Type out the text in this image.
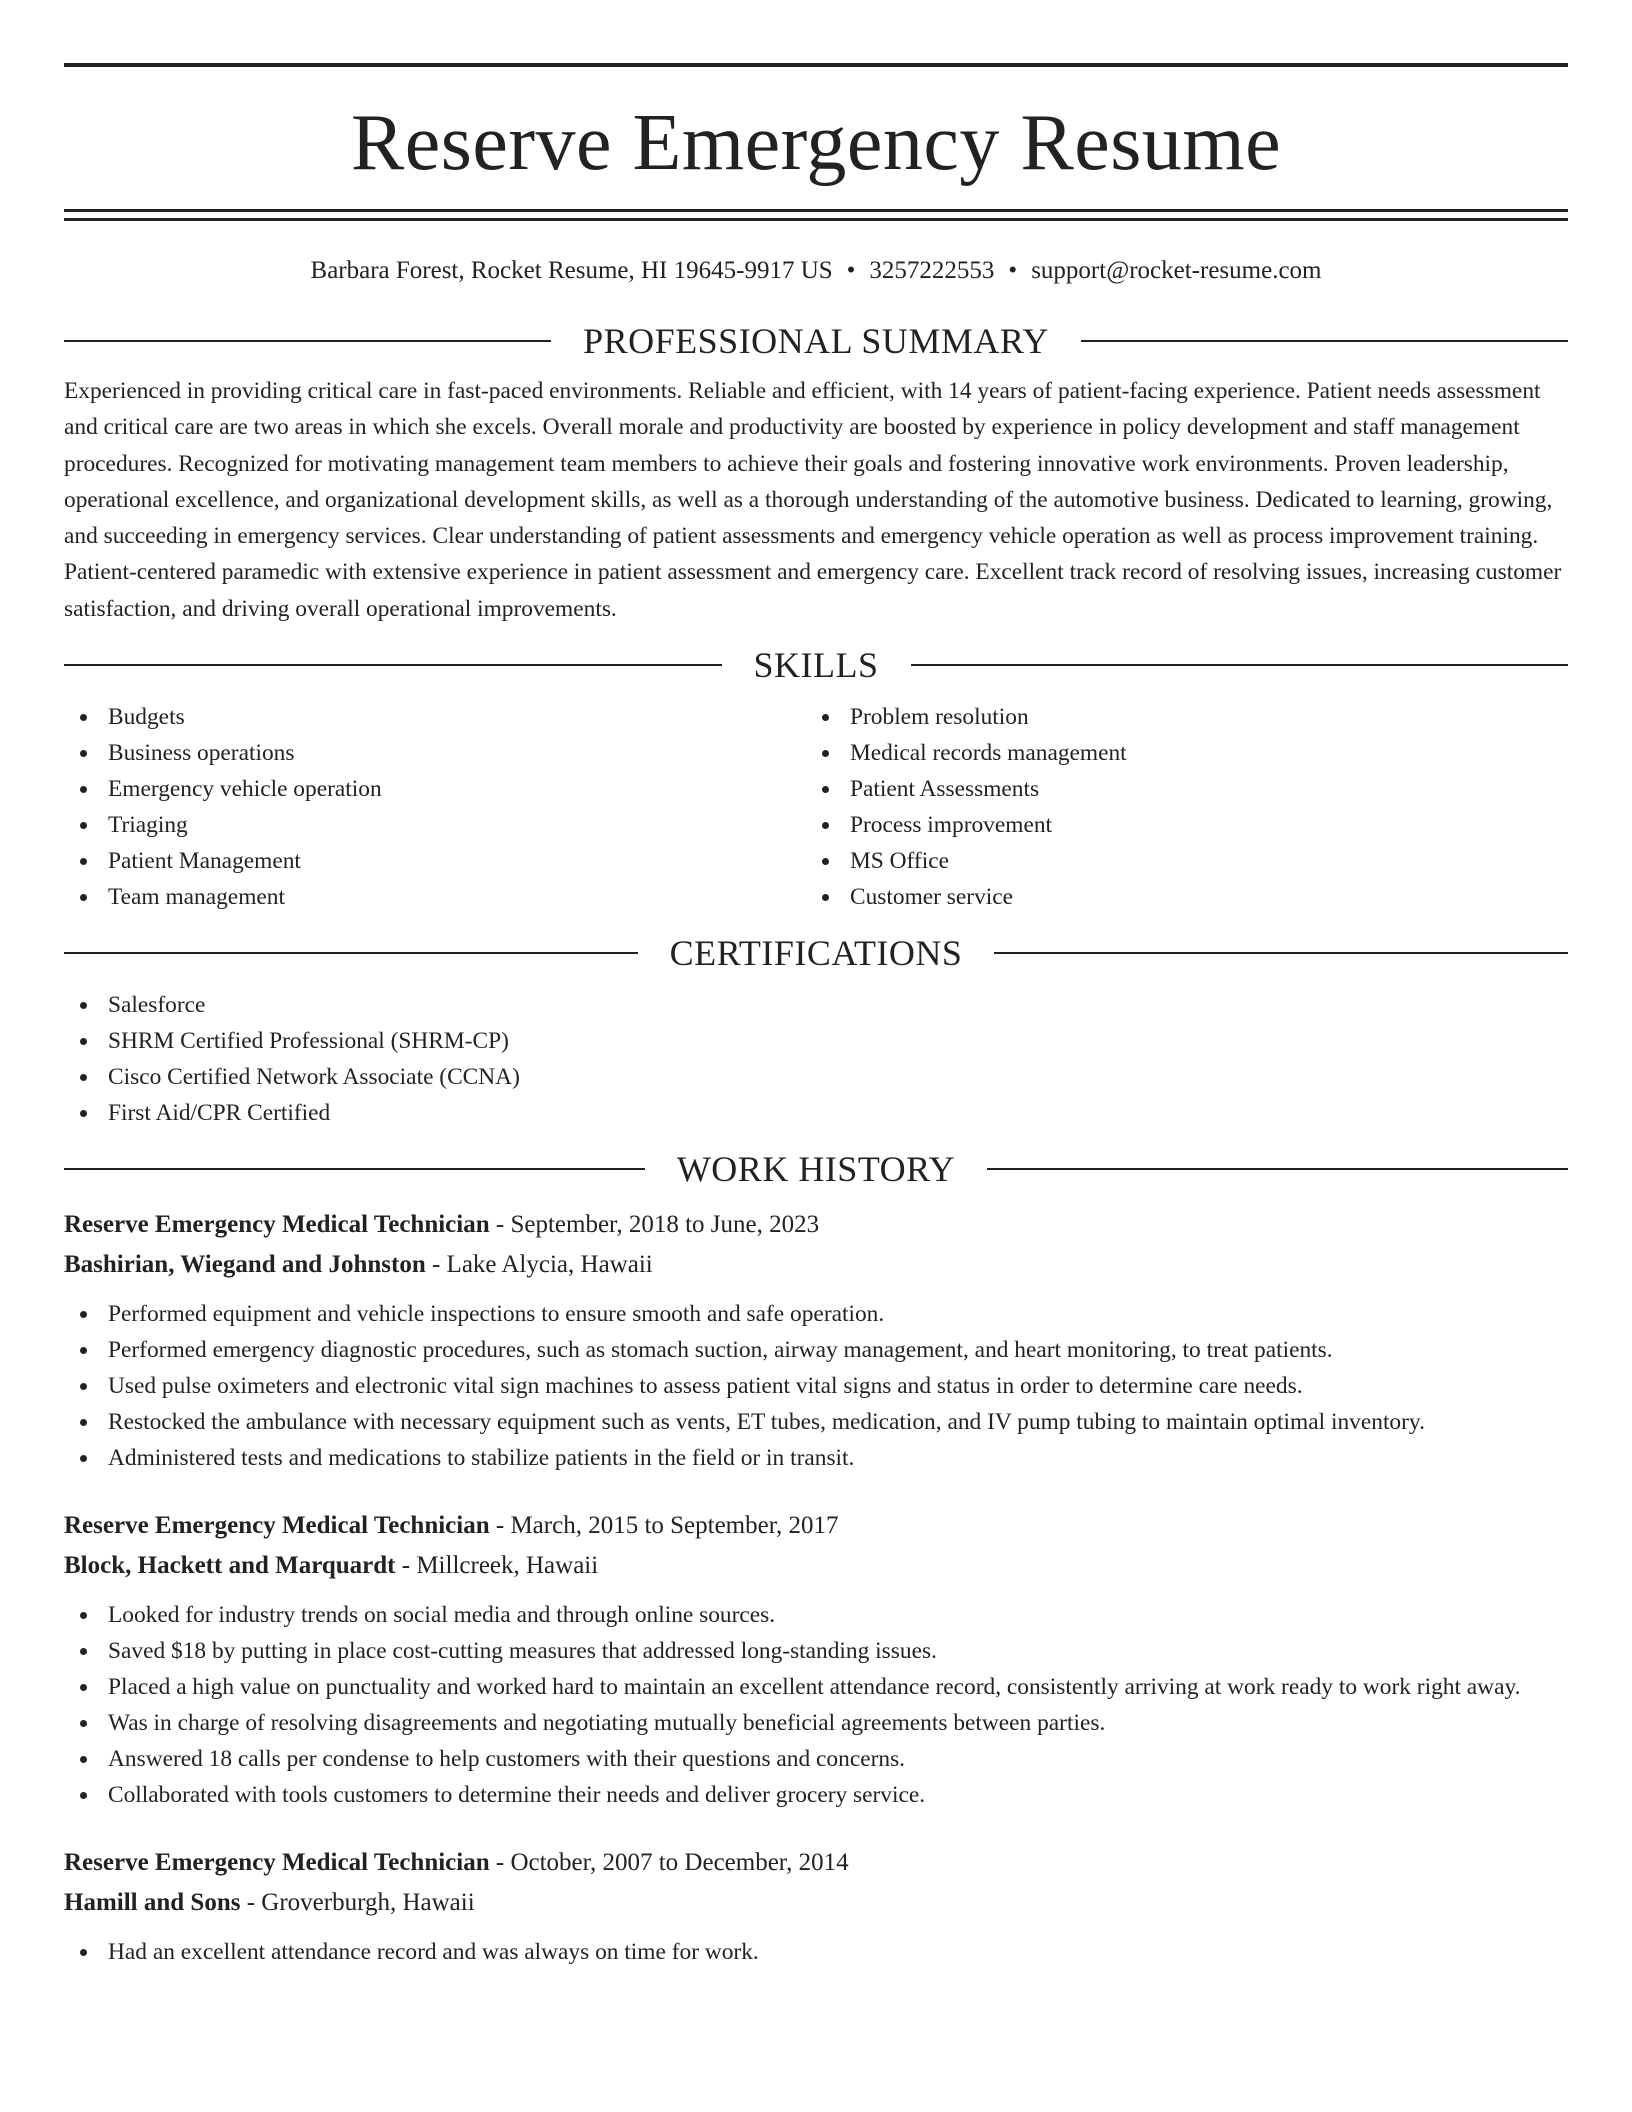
Reserve Emergency Resume
Barbara Forest, Rocket Resume, HI 19645-9917 US • 3257222553 • support@rocket-resume.com
PROFESSIONAL SUMMARY
Experienced in providing critical care in fast-paced environments. Reliable and efficient, with 14 years of patient-facing experience. Patient needs assessment and critical care are two areas in which she excels. Overall morale and productivity are boosted by experience in policy development and staff management procedures. Recognized for motivating management team members to achieve their goals and fostering innovative work environments. Proven leadership, operational excellence, and organizational development skills, as well as a thorough understanding of the automotive business. Dedicated to learning, growing, and succeeding in emergency services. Clear understanding of patient assessments and emergency vehicle operation as well as process improvement training. Patient-centered paramedic with extensive experience in patient assessment and emergency care. Excellent track record of resolving issues, increasing customer satisfaction, and driving overall operational improvements.
SKILLS
Budgets
Business operations
Emergency vehicle operation
Triaging
Patient Management
Team management
Problem resolution
Medical records management
Patient Assessments
Process improvement
MS Office
Customer service
CERTIFICATIONS
Salesforce
SHRM Certified Professional (SHRM-CP)
Cisco Certified Network Associate (CCNA)
First Aid/CPR Certified
WORK HISTORY
Reserve Emergency Medical Technician - September, 2018 to June, 2023
Bashirian, Wiegand and Johnston - Lake Alycia, Hawaii
Performed equipment and vehicle inspections to ensure smooth and safe operation.
Performed emergency diagnostic procedures, such as stomach suction, airway management, and heart monitoring, to treat patients.
Used pulse oximeters and electronic vital sign machines to assess patient vital signs and status in order to determine care needs.
Restocked the ambulance with necessary equipment such as vents, ET tubes, medication, and IV pump tubing to maintain optimal inventory.
Administered tests and medications to stabilize patients in the field or in transit.
Reserve Emergency Medical Technician - March, 2015 to September, 2017
Block, Hackett and Marquardt - Millcreek, Hawaii
Looked for industry trends on social media and through online sources.
Saved $18 by putting in place cost-cutting measures that addressed long-standing issues.
Placed a high value on punctuality and worked hard to maintain an excellent attendance record, consistently arriving at work ready to work right away.
Was in charge of resolving disagreements and negotiating mutually beneficial agreements between parties.
Answered 18 calls per condense to help customers with their questions and concerns.
Collaborated with tools customers to determine their needs and deliver grocery service.
Reserve Emergency Medical Technician - October, 2007 to December, 2014
Hamill and Sons - Groverburgh, Hawaii
Had an excellent attendance record and was always on time for work.
